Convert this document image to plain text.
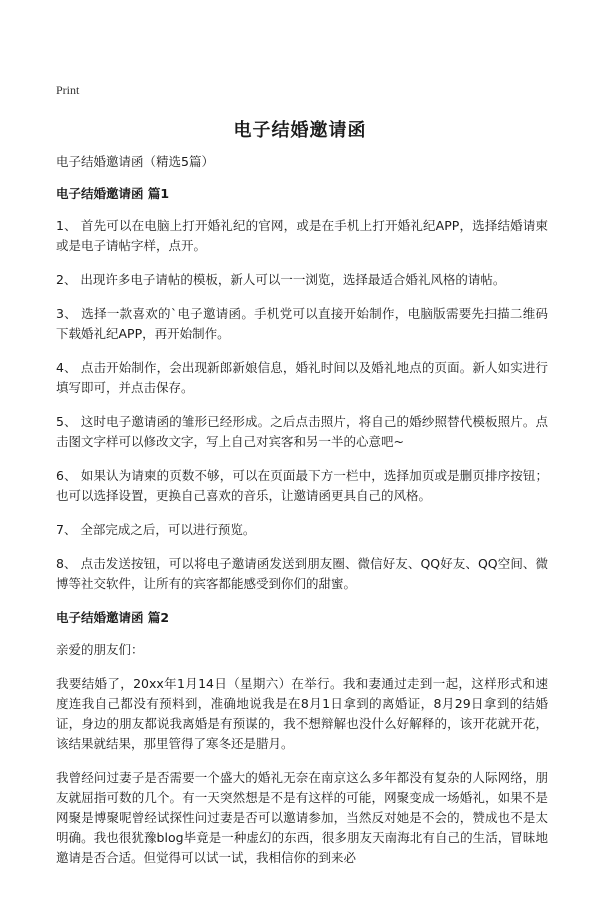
Print
电子结婚邀请函
电子结婚邀请函（精选5篇）
电子结婚邀请函 篇1
1、 首先可以在电脑上打开婚礼纪的官网，或是在手机上打开婚礼纪APP，选择结婚请柬或是电子请帖字样，点开。
2、 出现许多电子请帖的模板，新人可以一一浏览，选择最适合婚礼风格的请帖。
3、 选择一款喜欢的`电子邀请函。手机党可以直接开始制作，电脑版需要先扫描二维码下载婚礼纪APP，再开始制作。
4、 点击开始制作，会出现新郎新娘信息，婚礼时间以及婚礼地点的页面。新人如实进行填写即可，并点击保存。
5、 这时电子邀请函的雏形已经形成。之后点击照片，将自己的婚纱照替代模板照片。点击图文字样可以修改文字，写上自己对宾客和另一半的心意吧~
6、 如果认为请柬的页数不够，可以在页面最下方一栏中，选择加页或是删页排序按钮；也可以选择设置，更换自己喜欢的音乐，让邀请函更具自己的风格。
7、 全部完成之后，可以进行预览。
8、 点击发送按钮，可以将电子邀请函发送到朋友圈、微信好友、QQ好友、QQ空间、微博等社交软件，让所有的宾客都能感受到你们的甜蜜。
电子结婚邀请函 篇2
亲爱的朋友们：
我要结婚了，20xx年1月14日（星期六）在举行。我和妻通过走到一起，这样形式和速度连我自己都没有预料到，准确地说我是在8月1日拿到的离婚证，8月29日拿到的结婚证，身边的朋友都说我离婚是有预谋的，我不想辩解也没什么好解释的，该开花就开花，该结果就结果，那里管得了寒冬还是腊月。
我曾经问过妻子是否需要一个盛大的婚礼无奈在南京这么多年都没有复杂的人际网络，朋友就屈指可数的几个。有一天突然想是不是有这样的可能，网聚变成一场婚礼，如果不是网聚是博聚呢曾经试探性问过妻是否可以邀请参加，当然反对她是不会的，赞成也不是太明确。我也很犹豫blog毕竟是一种虚幻的东西，很多朋友天南海北有自己的生活，冒昧地邀请是否合适。但觉得可以试一试，我相信你的到来必
